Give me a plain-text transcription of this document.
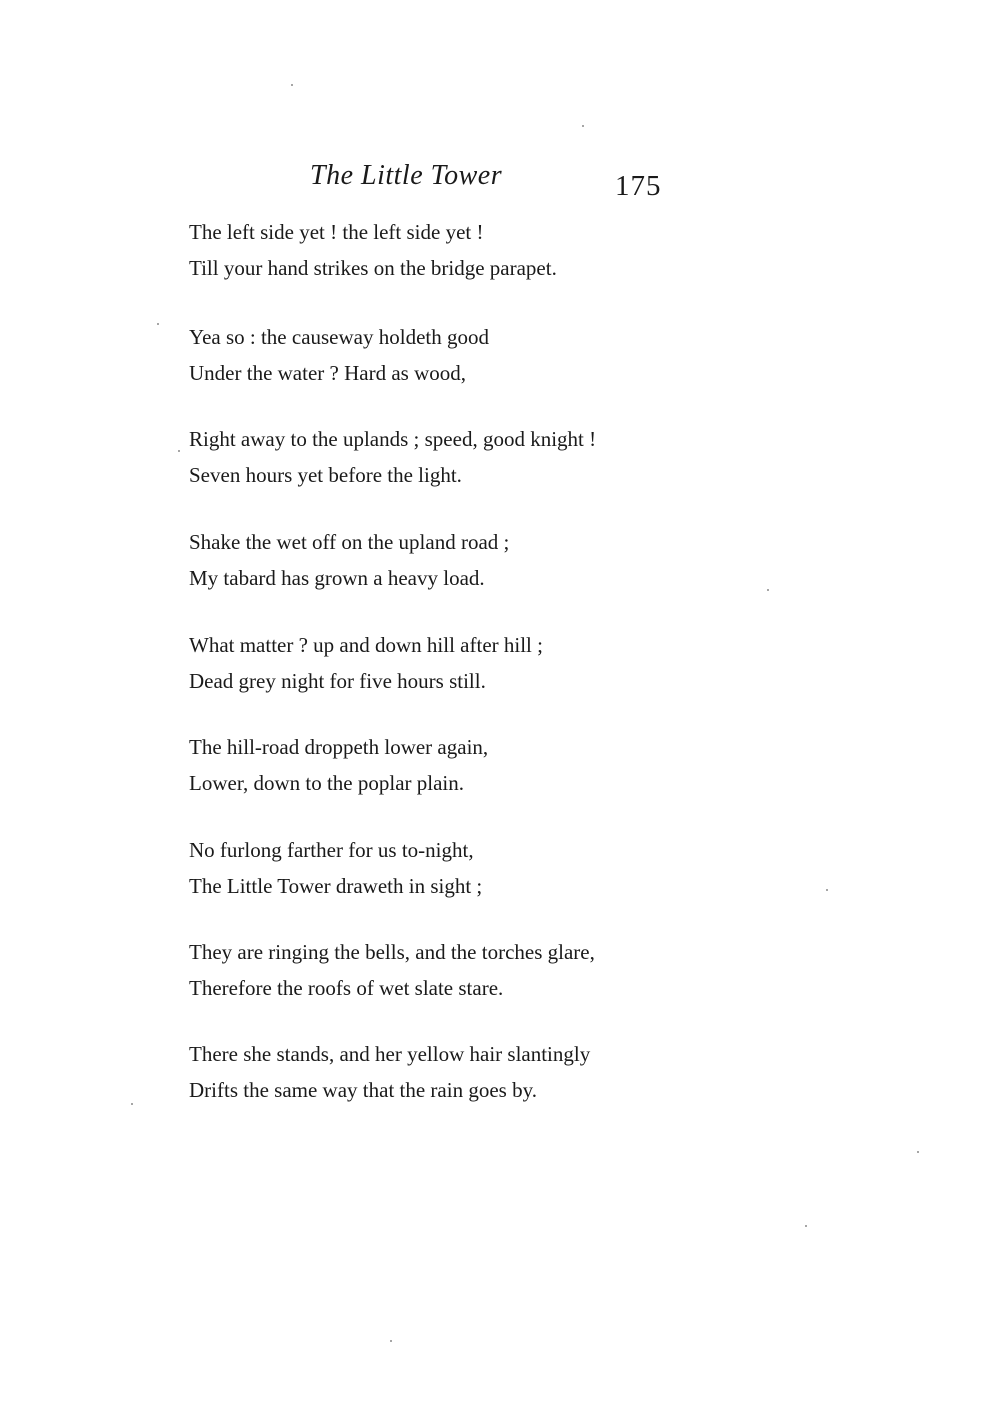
The Little Tower	175
The left side yet ! the left side yet !
Till your hand strikes on the bridge parapet.
Yea so : the causeway holdeth good
Under the water ? Hard as wood,
Right away to the uplands ; speed, good knight !
Seven hours yet before the light.
Shake the wet off on the upland road ;
My tabard has grown a heavy load.
What matter ? up and down hill after hill ;
Dead grey night for five hours still.
The hill-road droppeth lower again,
Lower, down to the poplar plain.
No furlong farther for us to-night,
The Little Tower draweth in sight ;
They are ringing the bells, and the torches glare,
Therefore the roofs of wet slate stare.
There she stands, and her yellow hair slantingly
Drifts the same way that the rain goes by.
